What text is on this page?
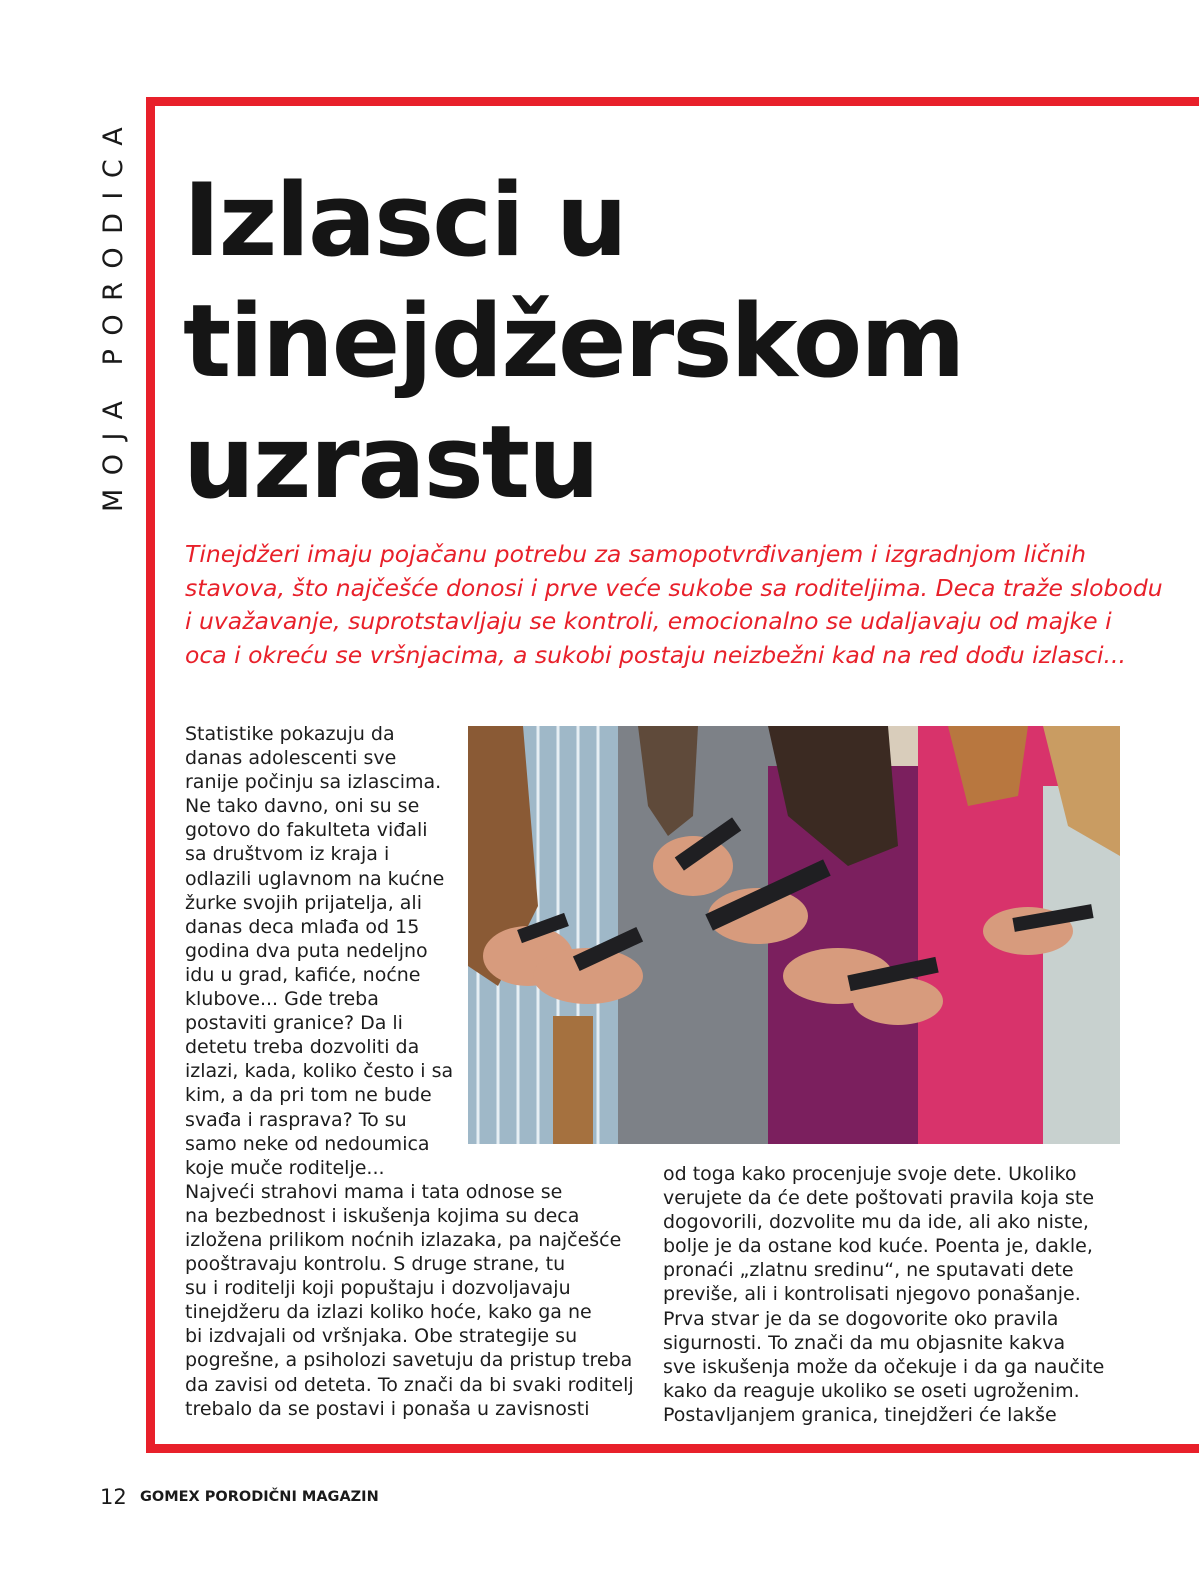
MOJA PORODICA Izlasci u
tinejdžerskom
uzrastu
Tinejdžeri imaju pojačanu potrebu za samopotvrđivanjem i izgradnjom ličnih
stavova, što najčešće donosi i prve veće sukobe sa roditeljima. Deca traže slobodu
i uvažavanje, suprotstavljaju se kontroli, emocionalno se udaljavaju od majke i
oca i okreću se vršnjacima, a sukobi postaju neizbežni kad na red dođu izlasci...
Statistike pokazuju da
danas adolescenti sve
ranije počinju sa izlascima.
Ne tako davno, oni su se
gotovo do fakulteta viđali
sa društvom iz kraja i
odlazili uglavnom na kućne
žurke svojih prijatelja, ali
danas deca mlađa od 15
godina dva puta nedeljno
idu u grad, kafiće, noćne
klubove... Gde treba
postaviti granice? Da li
detetu treba dozvoliti da
izlazi, kada, koliko često i sa
kim, a da pri tom ne bude
svađa i rasprava? To su
samo neke od nedoumica
koje muče roditelje...
Najveći strahovi mama i tata odnose se
na bezbednost i iskušenja kojima su deca
izložena prilikom noćnih izlazaka, pa najčešće
pooštravaju kontrolu. S druge strane, tu
su i roditelji koji popuštaju i dozvoljavaju
tinejdžeru da izlazi koliko hoće, kako ga ne
bi izdvajali od vršnjaka. Obe strategije su
pogrešne, a psiholozi savetuju da pristup treba
da zavisi od deteta. To znači da bi svaki roditelj
trebalo da se postavi i ponaša u zavisnosti
od toga kako procenjuje svoje dete. Ukoliko
verujete da će dete poštovati pravila koja ste
dogovorili, dozvolite mu da ide, ali ako niste,
bolje je da ostane kod kuće. Poenta je, dakle,
pronaći „zlatnu sredinu“, ne sputavati dete
previše, ali i kontrolisati njegovo ponašanje.
Prva stvar je da se dogovorite oko pravila
sigurnosti. To znači da mu objasnite kakva
sve iskušenja može da očekuje i da ga naučite
kako da reaguje ukoliko se oseti ugroženim.
Postavljanjem granica, tinejdžeri će lakše
12 GOMEX PORODIČNI MAGAZIN
